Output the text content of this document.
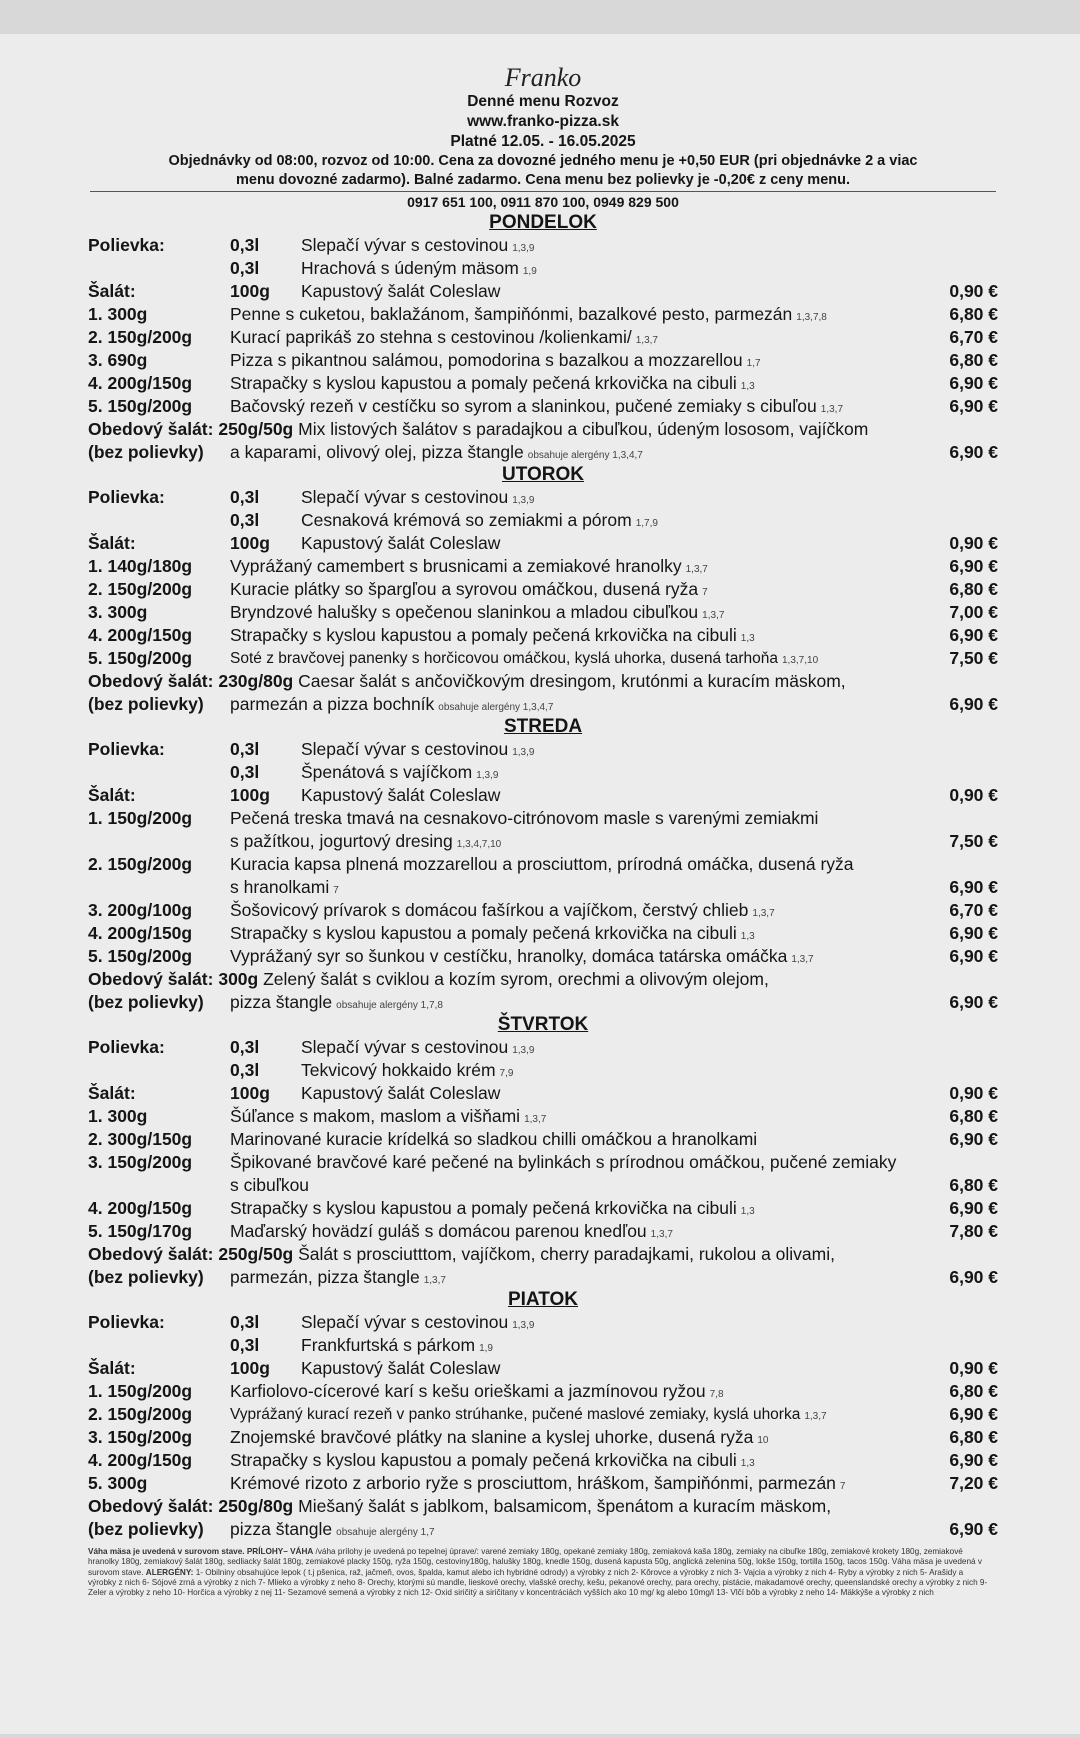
Franko
Denné menu Rozvoz
www.franko-pizza.sk
Platné 12.05. - 16.05.2025
Objednávky od 08:00, rozvoz od 10:00. Cena za dovozné jedného menu je +0,50 EUR (pri objednávke 2 a viac
menu dovozné zadarmo). Balné zadarmo. Cena menu bez polievky je -0,20€ z ceny menu.
0917 651 100, 0911 870 100, 0949 829 500
PONDELOK
Polievka:	0,3l Slepačí vývar s cestovinou 1,3,9
0,3l Hrachová s údeným mäsom 1,9
Šalát:	100g Kapustový šalát Coleslaw	0,90 €
1. 300g	Penne s cuketou, baklažánom, šampiňónmi, bazalkové pesto, parmezán 1,3,7,8	6,80 €
2. 150g/200g Kurací paprikáš zo stehna s cestovinou /kolienkami/ 1,3,7	6,70 €
3. 690g	Pizza s pikantnou salámou, pomodorina s bazalkou a mozzarellou 1,7	6,80 €
4. 200g/150g Strapačky s kyslou kapustou a pomaly pečená krkovička na cibuli 1,3	6,90 €
5. 150g/200g Bačovský rezeň v cestíčku so syrom a slaninkou, pučené zemiaky s cibuľou 1,3,7	6,90 €
Obedový šalát: 250g/50g Mix listových šalátov s paradajkou a cibuľkou, údeným lososom, vajíčkom
(bez polievky) a kaparami, olivový olej, pizza štangle obsahuje alergény 1,3,4,7	6,90 €
UTOROK
Polievka:	0,3l Slepačí vývar s cestovinou 1,3,9
0,3l Cesnaková krémová so zemiakmi a pórom 1,7,9
Šalát:	100g Kapustový šalát Coleslaw	0,90 €
1. 140g/180g Vyprážaný camembert s brusnicami a zemiakové hranolky 1,3,7	6,90 €
2. 150g/200g Kuracie plátky so špargľou a syrovou omáčkou, dusená ryža 7	6,80 €
3. 300g	Bryndzové halušky s opečenou slaninkou a mladou cibuľkou 1,3,7	7,00 €
4. 200g/150g Strapačky s kyslou kapustou a pomaly pečená krkovička na cibuli 1,3	6,90 €
5. 150g/200g Soté z bravčovej panenky s horčicovou omáčkou, kyslá uhorka, dusená tarhoňa 1,3,7,10	7,50 €
Obedový šalát: 230g/80g Caesar šalát s ančovičkovým dresingom, krutónmi a kuracím mäskom,
(bez polievky) parmezán a pizza bochník obsahuje alergény 1,3,4,7	6,90 €
STREDA
Polievka:	0,3l Slepačí vývar s cestovinou 1,3,9
0,3l Špenátová s vajíčkom 1,3,9
Šalát:	100g Kapustový šalát Coleslaw	0,90 €
1. 150g/200g Pečená treska tmavá na cesnakovo-citrónovom masle s varenými zemiakmi
s pažítkou, jogurtový dresing 1,3,4,7,10	7,50 €
2. 150g/200g Kuracia kapsa plnená mozzarellou a prosciuttom, prírodná omáčka, dusená ryža
s hranolkami 7	6,90 €
3. 200g/100g Šošovicový prívarok s domácou fašírkou a vajíčkom, čerstvý chlieb 1,3,7	6,70 €
4. 200g/150g Strapačky s kyslou kapustou a pomaly pečená krkovička na cibuli 1,3	6,90 €
5. 150g/200g Vyprážaný syr so šunkou v cestíčku, hranolky, domáca tatárska omáčka 1,3,7	6,90 €
Obedový šalát: 300g Zelený šalát s cviklou a kozím syrom, orechmi a olivovým olejom,
(bez polievky) pizza štangle obsahuje alergény 1,7,8	6,90 €
ŠTVRTOK
Polievka:	0,3l Slepačí vývar s cestovinou 1,3,9
0,3l Tekvicový hokkaido krém 7,9
Šalát:	100g Kapustový šalát Coleslaw	0,90 €
1. 300g	Šúľance s makom, maslom a višňami 1,3,7	6,80 €
2. 300g/150g Marinované kuracie krídelká so sladkou chilli omáčkou a hranolkami	6,90 €
3. 150g/200g Špikované bravčové karé pečené na bylinkách s prírodnou omáčkou, pučené zemiaky
s cibuľkou	6,80 €
4. 200g/150g Strapačky s kyslou kapustou a pomaly pečená krkovička na cibuli 1,3	6,90 €
5. 150g/170g Maďarský hovädzí guláš s domácou parenou knedľou 1,3,7	7,80 €
Obedový šalát: 250g/50g Šalát s prosciutttom, vajíčkom, cherry paradajkami, rukolou a olivami,
(bez polievky) parmezán, pizza štangle 1,3,7	6,90 €
PIATOK
Polievka:	0,3l Slepačí vývar s cestovinou 1,3,9
0,3l Frankfurtská s párkom 1,9
Šalát:	100g Kapustový šalát Coleslaw	0,90 €
1. 150g/200g Karfiolovo-cícerové karí s kešu orieškami a jazmínovou ryžou 7,8	6,80 €
2. 150g/200g Vyprážaný kurací rezeň v panko strúhanke, pučené maslové zemiaky, kyslá uhorka 1,3,7	6,90 €
3. 150g/200g Znojemské bravčové plátky na slanine a kyslej uhorke, dusená ryža 10	6,80 €
4. 200g/150g Strapačky s kyslou kapustou a pomaly pečená krkovička na cibuli 1,3	6,90 €
5. 300g	Krémové rizoto z arborio ryže s prosciuttom, hráškom, šampiňónmi, parmezán 7	7,20 €
Obedový šalát: 250g/80g Miešaný šalát s jablkom, balsamicom, špenátom a kuracím mäskom,
(bez polievky) pizza štangle obsahuje alergény 1,7	6,90 €
Váha mäsa je uvedená v surovom stave. PRÍLOHY– VÁHA /váha prílohy je uvedená po tepelnej úprave/: varené zemiaky 180g, opekané zemiaky 180g, zemiaková kaša 180g, zemiaky na cibuľke 180g, zemiakové krokety 180g, zemiakové hranolky 180g, zemiakový šalát 180g, sedliacky šalát 180g, zemiakové placky 150g, ryža 150g, cestoviny180g, halušky 180g, knedle 150g, dusená kapusta 50g, anglická zelenina 50g, lokše 150g, tortilla 150g, tacos 150g. Váha mäsa je uvedená v surovom stave. ALERGÉNY: 1- Obilniny obsahujúce lepok ( t.j pšenica, raž, jačmeň, ovos, špalda, kamut alebo ich hybridné odrody) a výrobky z nich 2- Kôrovce a výrobky z nich 3- Vajcia a výrobky z nich 4- Ryby a výrobky z nich 5- Arašidy a výrobky z nich 6- Sójové zrná a výrobky z nich 7- Mlieko a výrobky z neho 8- Orechy, ktorými sú mandle, lieskové orechy, vlašské orechy, kešu, pekanové orechy, para orechy, pistácie, makadamové orechy, queenslandské orechy a výrobky z nich 9- Zeler a výrobky z neho 10- Horčica a výrobky z nej 11- Sezamové semená a výrobky z nich 12- Oxid siričitý a siričitany v koncentráciách vyšších ako 10 mg/ kg alebo 10mg/l 13- Vlčí bôb a výrobky z neho 14- Mäkkýše a výrobky z nich
